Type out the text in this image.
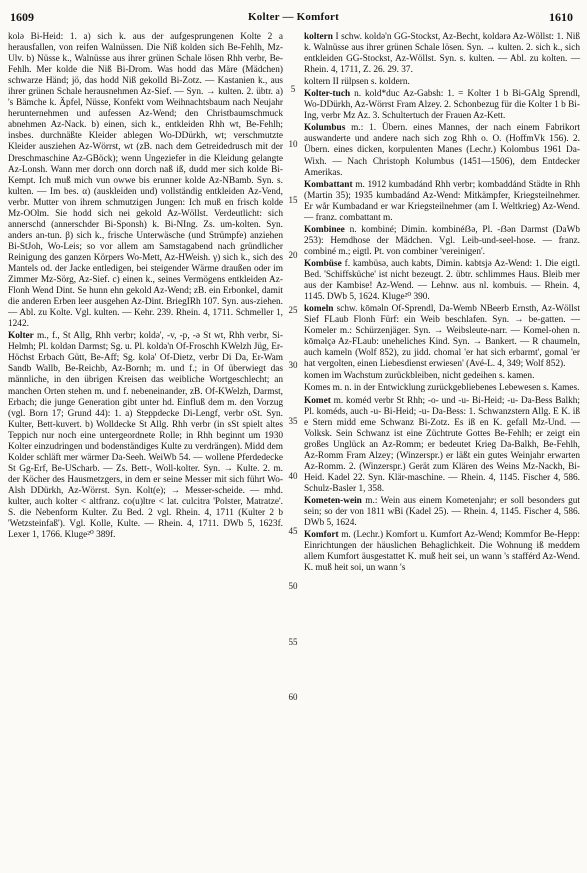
1609	Kolter — Komfort	1610

kolə Bi-Heid: 1. a) sich k. aus der aufgesprungenen Kolte 2 a herausfallen, von reifen Walnüssen. Die Niß kolden sich Be-Fehlh, Mz-Ulv. b) Nüsse k., Walnüsse aus ihrer grünen Schale lösen Rhh verbr, Be-Fehlh. Mer kolde die Niß Bi-Drom. Was hodd das Märe (Mädchen) schwarze Händ; jö, das hodd Niß gekolld Bi-Zotz. — Kastanien k., aus ihrer grünen Schale herausnehmen Az-Sief. — Syn. → kulten. 2. übtr. a) 's Bämche k. Äpfel, Nüsse, Konfekt vom Weihnachtsbaum nach Neujahr herunternehmen und aufessen Az-Wend; den Christbaumschmuck abnehmen Az-Nack. b) einen, sich k., entkleiden Rhh wt, Be-Fehlh; insbes. durchnäßte Kleider ablegen Wo-DDürkh, wt; verschmutzte Kleider ausziehen Az-Wörrst, wt (zB. nach dem Getreidedrusch mit der Dreschmaschine Az-GBöck); wenn Ungeziefer in die Kleidung gelangte Az-Lonsh. Wann mer dorch onn dorch naß iß, dudd mer sich kolde Bi-Kempt. Ich muß mich vun owwe bis erunner kolde Az-NBamb. Syn. s. kulten. — Im bes. α) (auskleiden und) vollständig entkleiden Az-Vend, verbr. Mutter von ihrem schmutzigen Jungen: Ich muß en frisch kolde Mz-OOlm. Sie hodd sich nei gekold Az-Wöllst. Verdeutlicht: sich annerschd (annerschder Bi-Sponsh) k. Bi-NIng. Zs. um-kolten. Syn. anders an-tun. β) sich k., frische Unterwäsche (und Strümpfe) anziehen Bi-StJoh, Wo-Leis; so vor allem am Samstagabend nach gründlicher Reinigung des ganzen Körpers Wo-Mett, Az-HWeish. γ) sich k., sich des Mantels od. der Jacke entledigen, bei steigender Wärme draußen oder im Zimmer Mz-Sörg, Az-Sief. c) einen k., seines Vermögens entkleiden Az-Flonh Wend Dint. Se hunn ehn gekold Az-Wend; zB. ein Erbonkel, damit die anderen Erben leer ausgehen Az-Dint. BriegIRh 107. Syn. aus-ziehen. — Abl. zu Kolte. Vgl. kulten. — Kehr. 239. Rhein. 4, 1711. Schmeller 1, 1242.

Kolter m., f., St Allg, Rhh verbr; koldə', -v, -p, -ə St wt, Rhh verbr, Si-Helmh; Pl. koldən Darmst; Sg. u. Pl. koldə'n Of-Froschh KWelzh Jüg, Er-Höchst Erbach Gütt, Be-Aff; Sg. kolə' Of-Dietz, verbr Di Da, Er-Wam Sandb Wallb, Be-Reichb, Az-Bornh; m. und f.; in Of überwiegt das männliche, in den übrigen Kreisen das weibliche Wortgeschlecht; an manchen Orten stehen m. und f. nebeneinander, zB. Of-KWelzh, Darmst, Erbach; die junge Generation gibt unter hd. Einfluß dem m. den Vorzug (vgl. Born 17; Grund 44): 1. a) Steppdecke Di-Lengf, verbr oSt. Syn. Kulter, Bett-kuvert. b) Wolldecke St Allg. Rhh verbr (in sSt spielt altes Teppich nur noch eine untergeordnete Rolle; in Rhh beginnt um 1930 Kolter einzudringen und bodenständiges Kulte zu verdrängen). Midd dem Kolder schläft mer wärmer Da-Seeh. WeiWb 54. — wollene Pferdedecke St Gg-Erf, Be-UScharb. — Zs. Bett-, Woll-kolter. Syn. → Kulte. 2. m. der Köcher des Hausmetzgers, in dem er seine Messer mit sich führt Wo-Alsh DDürkh, Az-Wörrst. Syn. Kolt(e); → Messer-scheide. — mhd. kulter, auch kolter < altfranz. co(u)ltre < lat. culcitra 'Polster, Matratze'. S. die Nebenform Kulter. Zu Bed. 2 vgl. Rhein. 4, 1711 (Kulter 2 b 'Wetzsteinfaß'). Vgl. Kolle, Kulte. — Rhein. 4, 1711. DWb 5, 1623f. Lexer 1, 1766. Kluge²⁰ 389f.

koltern I schw. koldə'n GG-Stockst, Az-Becht, koldərə Az-Wöllst: 1. Niß k. Walnüsse aus ihrer grünen Schale lösen. Syn. → kulten. 2. sich k., sich entkleiden GG-Stockst, Az-Wöllst. Syn. s. kulten. — Abl. zu kolten. — Rhein. 4, 1711, Z. 26. 29. 37.

koltern II rülpsen s. koldern.

Kolter-tuch n. kold*duc Az-Gabsh: 1. = Kolter 1 b Bi-GAlg Sprendl, Wo-DDürkh, Az-Wörrst Fram Alzey. 2. Schonbezug für die Kolter 1 b Bi-Ing, verbr Mz Az. 3. Schultertuch der Frauen Az-Kett.

Kolumbus m.: 1. Übern. eines Mannes, der nach einem Fabrikort auswanderte und andere nach sich zog Rhh o. O. (HoffmVk 156). 2. Übern. eines dicken, korpulenten Manes (Lechr.) Kolombus 1961 Da-Wixh. — Nach Christoph Kolumbus (1451—1506), dem Entdecker Amerikas.

Kombattant m. 1912 kumbadánd Rhh verbr; kombaddánd Städte in Rhh (Martin 35); 1935 kumbadánd Az-Wend: Mitkämpfer, Kriegsteilnehmer. Er wår Kumbadand er war Kriegsteilnehmer (am I. Weltkrieg) Az-Wend. — franz. combattant m.

Kombinee n. kombiné; Dimin. kombinéẞə, Pl. -ẞən Darmst (DaWb 253): Hemdhose der Mädchen. Vgl. Leib-und-seel-hose. — franz. combiné m.; eigtl. Pt. von combiner 'vereinigen'.

Kombüse f. kambüsə, auch kabts, Dimin. kabtsjə Az-Wend: 1. Die eigtl. Bed. 'Schiffsküche' ist nicht bezeugt. 2. übtr. schlimmes Haus. Bleib mer aus der Kambise! Az-Wend. — Lehnw. aus nl. kombuis. — Rhein. 4, 1145. DWb 5, 1624. Kluge²⁰ 390.

komeln schw. kōməln Of-Sprendl, Da-Wemb NBeerb Ernsth, Az-Wöllst Sief FLaub Flonh Fürf: ein Weib beschlafen. Syn. → be-gatten. — Komeler m.: Schürzenjäger. Syn. → Weibsleute-narr. — Komel-ohen n. kōməlçə Az-FLaub: uneheliches Kind. Syn. → Bankert. — R chaumeln, auch kameln (Wolf 852), zu jidd. chomal 'er hat sich erbarmt', gomal 'er hat vergolten, einen Liebesdienst erwiesen' (Avé-L. 4, 349; Wolf 852).

komen im Wachstum zurückbleiben, nicht gedeihen s. kamen.

Komes m. n. in der Entwicklung zurückgebliebenes Lebewesen s. Kames.

Komet m. koméd verbr St Rhh; -o- und -u- Bi-Heid; -u- Da-Bess Balkh; Pl. koméds, auch -u- Bi-Heid; -u- Da-Bess: 1. Schwanzstern Allg. E K. iß e Stern midd eme Schwanz Bi-Zotz. Es iß en K. gefall Mz-Und. — Volksk. Sein Schwanz ist eine Züchtrute Gottes Be-Fehlh; er zeigt ein großes Unglück an Az-Romm; er bedeutet Krieg Da-Balkh, Be-Fehlh, Az-Romm Fram Alzey; (Winzerspr.) er läßt ein gutes Weinjahr erwarten Az-Romm. 2. (Winzerspr.) Gerät zum Klären des Weins Mz-Nackh, Bi-Heid. Kadel 22. Syn. Klär-maschine. — Rhein. 4, 1145. Fischer 4, 586. Schulz-Basler 1, 358.

Kometen-wein m.: Wein aus einem Kometenjahr; er soll besonders gut sein; so der von 1811 wBi (Kadel 25). — Rhein. 4, 1145. Fischer 4, 586. DWb 5, 1624.

Komfort m. (Lechr.) Komfort u. Kumfort Az-Wend; Kommfor Be-Hepp: Einrichtungen der häuslichen Behaglichkeit. Die Wohnung iß meddem allem Kumfort äusgestattet K. muß heit sei, un wann 's stafférd Az-Wend. K. muß heit soi, un wann 's

5
10
15
20
25
30
35
40
45
50
55
60
